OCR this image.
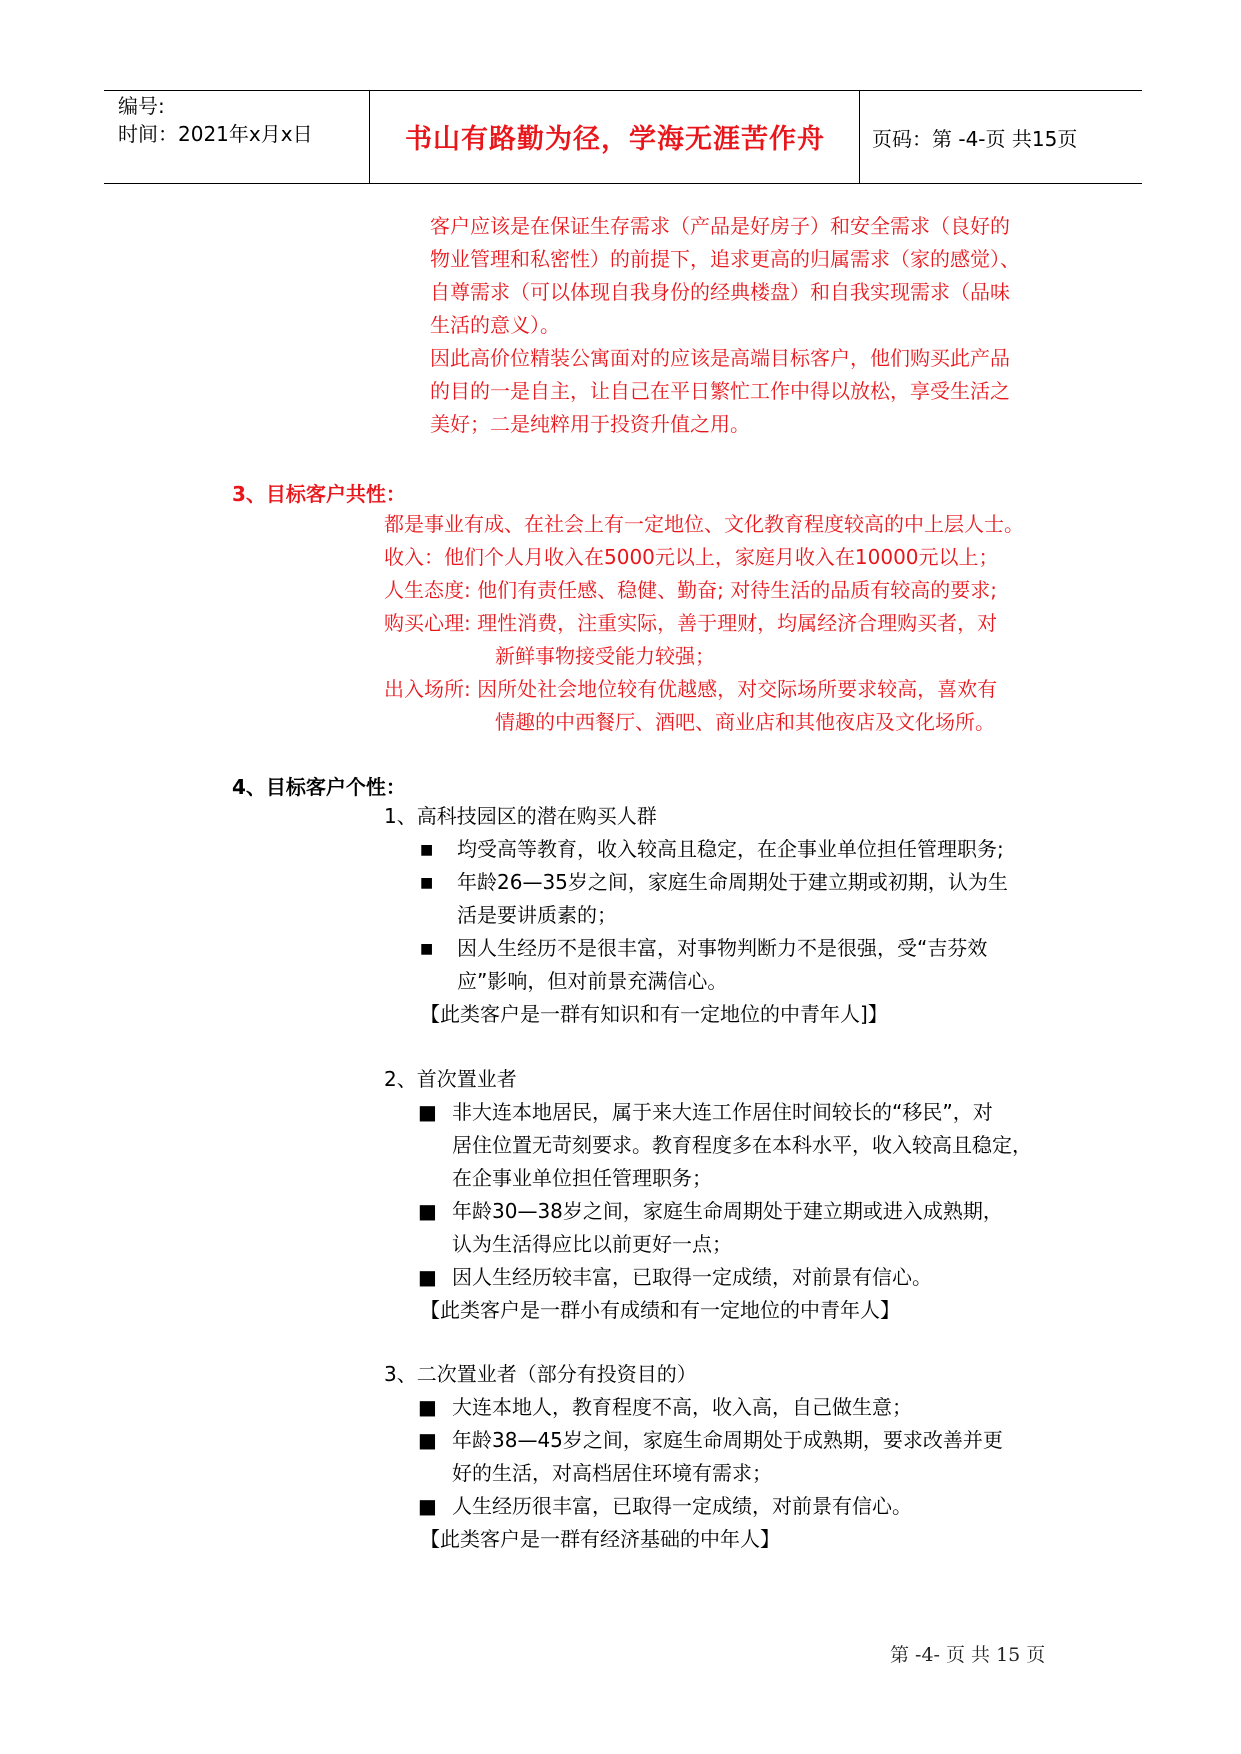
编号:
时间：2021年x月x日	书山有路勤为径，学海无涯苦作舟	页码：第 -4-页 共15页
客户应该是在保证生存需求（产品是好房子）和安全需求（良好的
物业管理和私密性）的前提下，追求更高的归属需求（家的感觉）、
自尊需求（可以体现自我身份的经典楼盘）和自我实现需求（品味
生活的意义）。
因此高价位精装公寓面对的应该是高端目标客户，他们购买此产品
的目的一是自主，让自己在平日繁忙工作中得以放松，享受生活之
美好；二是纯粹用于投资升值之用。
3、目标客户共性：
都是事业有成、在社会上有一定地位、文化教育程度较高的中上层人士。
收入：他们个人月收入在5000元以上，家庭月收入在10000元以上；
人生态度: 他们有责任感、稳健、勤奋; 对待生活的品质有较高的要求;
购买心理: 理性消费，注重实际，善于理财，均属经济合理购买者，对
新鲜事物接受能力较强；
出入场所: 因所处社会地位较有优越感，对交际场所要求较高，喜欢有
情趣的中西餐厅、酒吧、商业店和其他夜店及文化场所。
4、目标客户个性：
1、高科技园区的潜在购买人群
■ 均受高等教育，收入较高且稳定，在企事业单位担任管理职务;
■ 年龄26—35岁之间，家庭生命周期处于建立期或初期，认为生
活是要讲质素的；
■ 因人生经历不是很丰富，对事物判断力不是很强，受“吉芬效
应”影响，但对前景充满信心。
【此类客户是一群有知识和有一定地位的中青年人]】
2、首次置业者
■ 非大连本地居民，属于来大连工作居住时间较长的“移民”，对
居住位置无苛刻要求。教育程度多在本科水平，收入较高且稳定，
在企事业单位担任管理职务；
■ 年龄30—38岁之间，家庭生命周期处于建立期或进入成熟期，
认为生活得应比以前更好一点；
■ 因人生经历较丰富，已取得一定成绩，对前景有信心。
【此类客户是一群小有成绩和有一定地位的中青年人】
3、二次置业者（部分有投资目的）
■ 大连本地人，教育程度不高，收入高，自己做生意；
■ 年龄38—45岁之间，家庭生命周期处于成熟期，要求改善并更
好的生活，对高档居住环境有需求；
■ 人生经历很丰富，已取得一定成绩，对前景有信心。
【此类客户是一群有经济基础的中年人】
第 -4- 页 共 15 页
